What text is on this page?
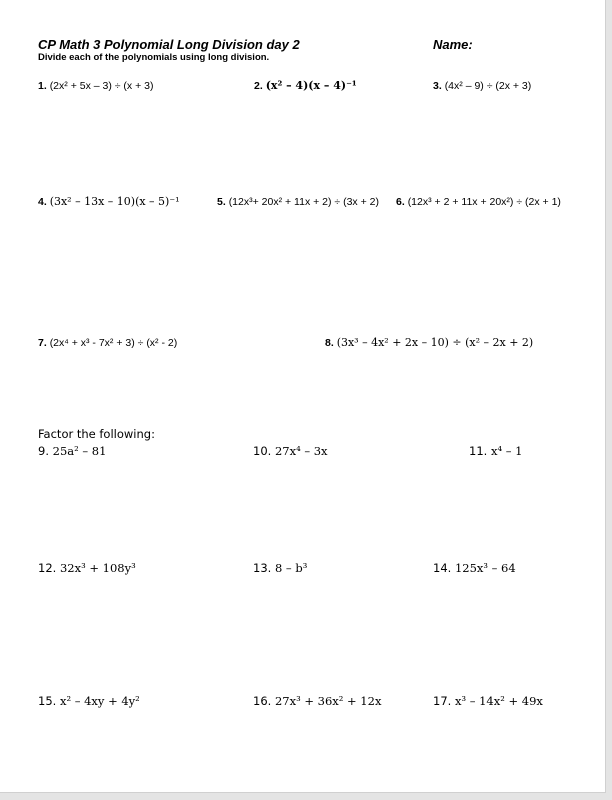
CP Math 3 Polynomial Long Division day 2	Name:
Divide each of the polynomials using long division.
1. (2x² + 5x – 3) ÷ (x + 3)	2. (x² – 4)(x – 4)⁻¹	3. (4x² – 9) ÷ (2x + 3)
4. (3x² – 13x – 10)(x – 5)⁻¹	5. (12x³+ 20x² + 11x + 2) ÷ (3x + 2) 6. (12x³ + 2 + 11x + 20x²) ÷ (2x + 1)
7. (2x⁴ + x³ - 7x² + 3) ÷ (x² - 2)	8. (3x³ – 4x² + 2x – 10) ÷ (x² – 2x + 2)
Factor the following:
9. 25a² – 81	10. 27x⁴ – 3x	11. x⁴ – 1
12. 32x³ + 108y³	13. 8 – b³	14. 125x³ – 64
15. x² – 4xy + 4y²	16. 27x³ + 36x² + 12x	17. x³ – 14x² + 49x
